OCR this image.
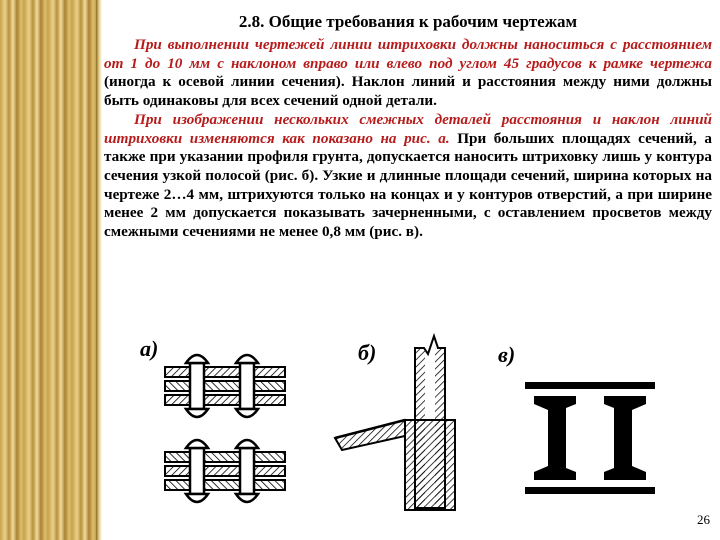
2.8. Общие требования к рабочим чертежам

При выполнении чертежей линии штриховки должны наноситься с расстоянием от 1 до 10 мм с наклоном вправо или влево под углом 45 градусов к рамке чертежа (иногда к осевой линии сечения). Наклон линий и расстояния между ними должны быть одинаковы для всех сечений одной детали.

При изображении нескольких смежных деталей расстояния и наклон линий штриховки изменяются как показано на рис. а. При больших площадях сечений, а также при указании профиля грунта, допускается наносить штриховку лишь у контура сечения узкой полосой (рис. б). Узкие и длинные площади сечений, ширина которых на чертеже 2…4 мм, штрихуются только на концах и у контуров отверстий, а при ширине менее 2 мм допускается показывать зачерненными, с оставлением просветов между смежными сечениями не менее 0,8 мм (рис. в).

а)	б)	в)
26
